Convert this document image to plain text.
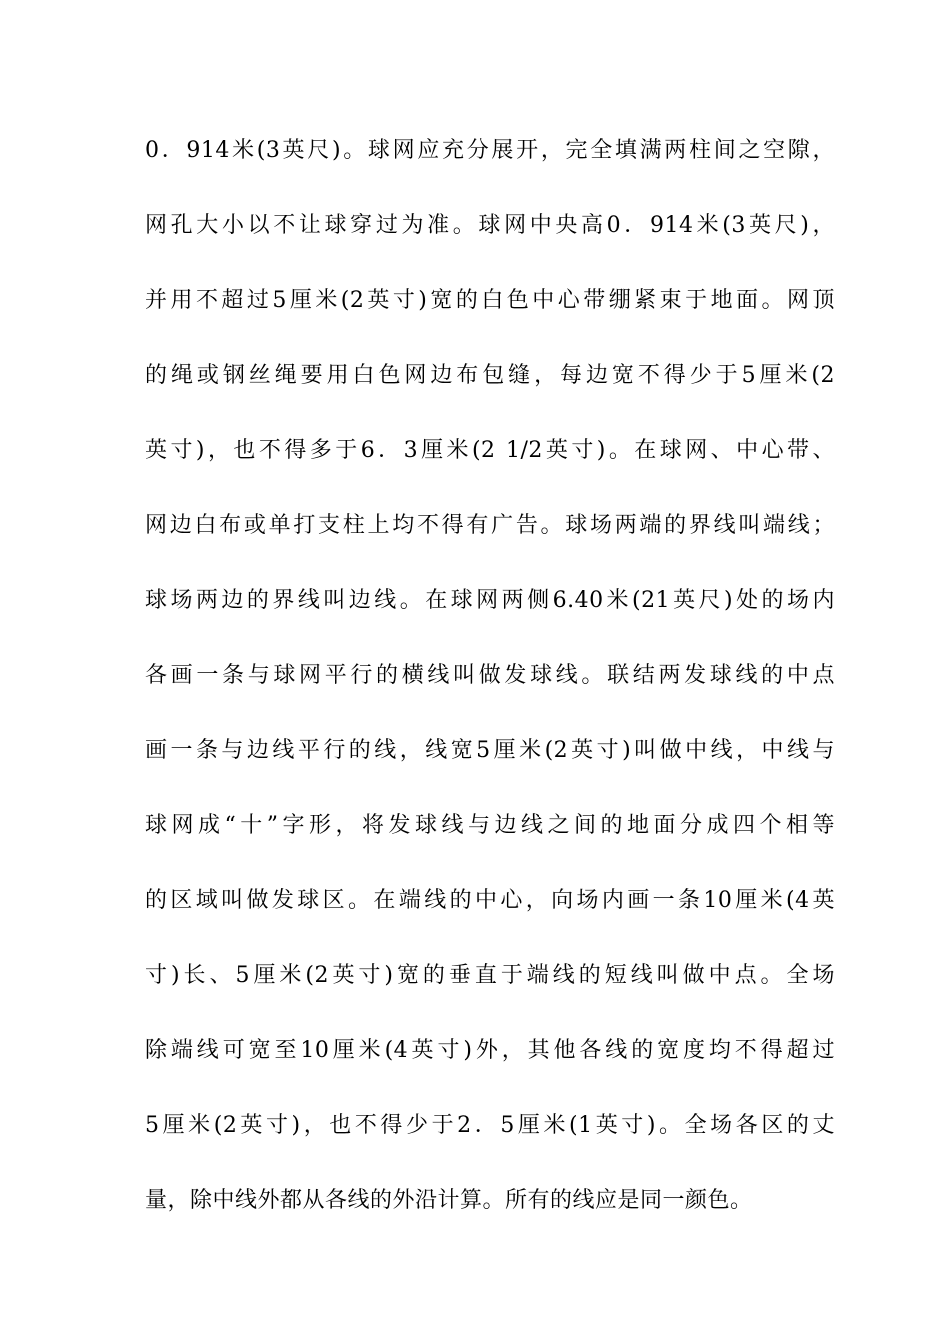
0．914米(3英尺)。球网应充分展开，完全填满两柱间之空隙，
网孔大小以不让球穿过为准。球网中央高0．914米(3英尺)，
并用不超过5厘米(2英寸)宽的白色中心带绷紧束于地面。网顶
的绳或钢丝绳要用白色网边布包缝，每边宽不得少于5厘米(2
英寸)，也不得多于6．3厘米(2 1/2英寸)。在球网、中心带、
网边白布或单打支柱上均不得有广告。球场两端的界线叫端线；
球场两边的界线叫边线。在球网两侧6.40米(21英尺)处的场内
各画一条与球网平行的横线叫做发球线。联结两发球线的中点
画一条与边线平行的线，线宽5厘米(2英寸)叫做中线，中线与
球网成“十”字形，将发球线与边线之间的地面分成四个相等
的区域叫做发球区。在端线的中心，向场内画一条10厘米(4英
寸)长、5厘米(2英寸)宽的垂直于端线的短线叫做中点。全场
除端线可宽至10厘米(4英寸)外，其他各线的宽度均不得超过
5厘米(2英寸)，也不得少于2．5厘米(1英寸)。全场各区的丈
量，除中线外都从各线的外沿计算。所有的线应是同一颜色。
